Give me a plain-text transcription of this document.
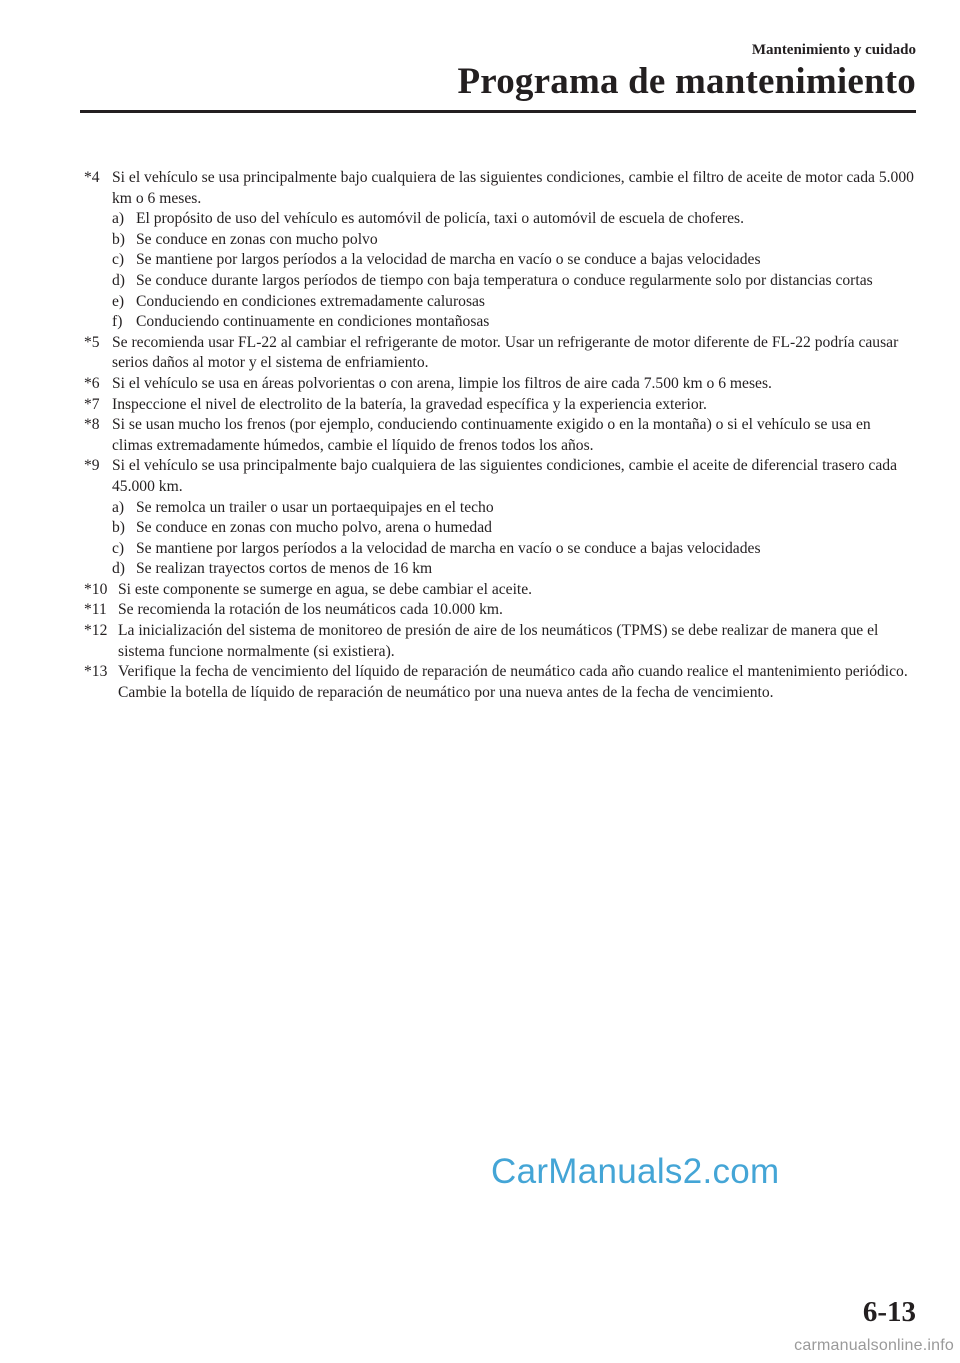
Mantenimiento y cuidado
Programa de mantenimiento
*4 Si el vehículo se usa principalmente bajo cualquiera de las siguientes condiciones, cambie el filtro de aceite de motor cada 5.000 km o 6 meses.
a) El propósito de uso del vehículo es automóvil de policía, taxi o automóvil de escuela de choferes.
b) Se conduce en zonas con mucho polvo
c) Se mantiene por largos períodos a la velocidad de marcha en vacío o se conduce a bajas velocidades
d) Se conduce durante largos períodos de tiempo con baja temperatura o conduce regularmente solo por distancias cortas
e) Conduciendo en condiciones extremadamente calurosas
f) Conduciendo continuamente en condiciones montañosas
*5 Se recomienda usar FL-22 al cambiar el refrigerante de motor. Usar un refrigerante de motor diferente de FL-22 podría causar serios daños al motor y el sistema de enfriamiento.
*6 Si el vehículo se usa en áreas polvorientas o con arena, limpie los filtros de aire cada 7.500 km o 6 meses.
*7 Inspeccione el nivel de electrolito de la batería, la gravedad específica y la experiencia exterior.
*8 Si se usan mucho los frenos (por ejemplo, conduciendo continuamente exigido o en la montaña) o si el vehículo se usa en climas extremadamente húmedos, cambie el líquido de frenos todos los años.
*9 Si el vehículo se usa principalmente bajo cualquiera de las siguientes condiciones, cambie el aceite de diferencial trasero cada 45.000 km.
a) Se remolca un trailer o usar un portaequipajes en el techo
b) Se conduce en zonas con mucho polvo, arena o humedad
c) Se mantiene por largos períodos a la velocidad de marcha en vacío o se conduce a bajas velocidades
d) Se realizan trayectos cortos de menos de 16 km
*10 Si este componente se sumerge en agua, se debe cambiar el aceite.
*11 Se recomienda la rotación de los neumáticos cada 10.000 km.
*12 La inicialización del sistema de monitoreo de presión de aire de los neumáticos (TPMS) se debe realizar de manera que el sistema funcione normalmente (si existiera).
*13 Verifique la fecha de vencimiento del líquido de reparación de neumático cada año cuando realice el mantenimiento periódico. Cambie la botella de líquido de reparación de neumático por una nueva antes de la fecha de vencimiento.
CarManuals2.com
6-13
carmanualsonline.info
